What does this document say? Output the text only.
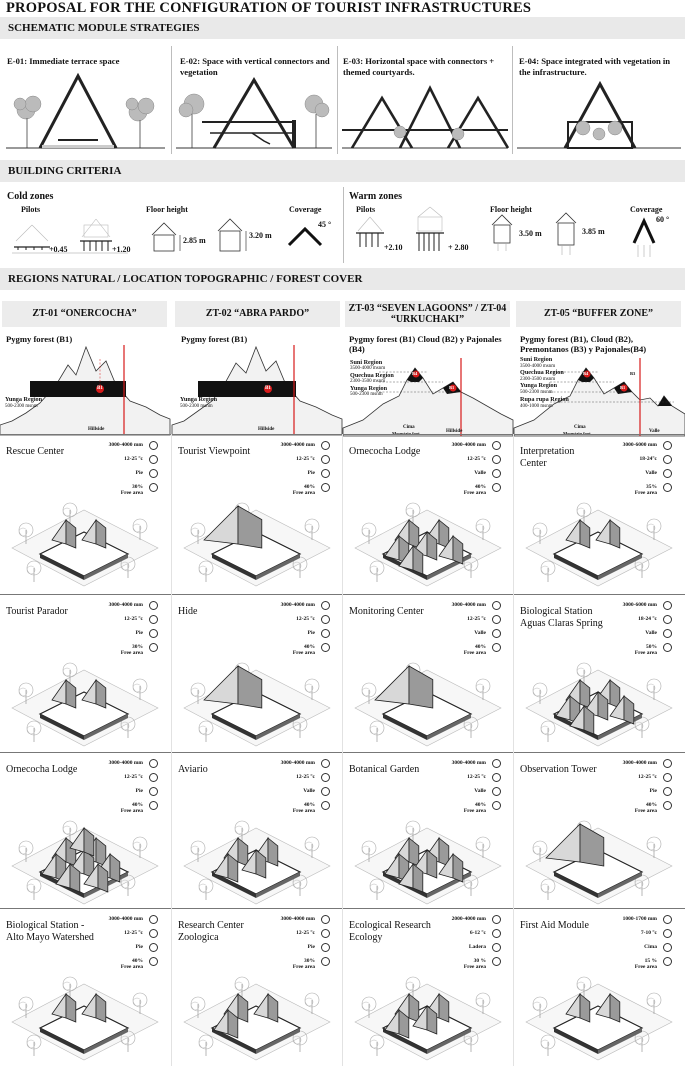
PROPOSAL FOR THE CONFIGURATION OF TOURIST INFRASTRUCTURES
SCHEMATIC MODULE STRATEGIES
BUILDING CRITERIA
REGIONS NATURAL / LOCATION TOPOGRAPHIC / FOREST COVER
E-01: Immediate terrace space	E-02: Space with vertical connectors and vegetation
E-03: Horizontal space with connectors + themed courtyards.
E-04: Space integrated with vegetation in the infrastructure.
Cold zones
Pilots	Floor height	Coverage
+0.45	+1.20
2.85 m
3.20 m
45 °
Warm zones
Pilots	Floor height	Coverage
+2.10	+ 2.80
3.50 m	3.85 m
60 °
ZT-01 “ONERCOCHA”	ZT-02 “ABRA PARDO”
ZT-03 “SEVEN LAGOONS” / ZT-04 “URKUCHAKI”
ZT-05 “BUFFER ZONE”
Pygmy forest (B1)	Pygmy forest (B1)	Pygmy forest (B1) Cloud (B2) y Pajonales (B4)
Pygmy forest (B1), Cloud (B2), Premontanos (B3) y Pajonales(B4)
Yunga Region
500-2300 msnm
Hillside
B1
Yunga Region
500-2300 msnm
Hillside
B1
Suni Region
3500-4000 msnm
Quechua Region
2300-3500 msnm
Yunga Region
500-2300 msnm
Cima
Hillside
B4
B1
Suni Region
3500-4000 msnm
Quechua Region
2300-3500 msnm
Yunga Region
500-2300 msnm
Rupa rupa Region
400-1000 msnm
Cima
Valle
B4
B1
B3
Rescue Center
3000-4000 mm
12-25 °c
Pie
30%
Free area
Tourist Viewpoint
3000-4000 mm
12-25 °c
Pie
40%
Free area
Ornecocha Lodge
3000-4000 mm
12-25 °c
Valle
40%
Free area
Interpretation
Center
3000-6000 mm
18-24°c
Valle
35%
Free area
Tourist Parador
3000-4000 mm
12-25 °c
Pie
30%
Free area
Hide
3000-4000 mm
12-25 °c
Pie
40%
Free area
Monitoring Center
3000-4000 mm
12-25 °c
Valle
40%
Free area
Biological Station
Aguas Claras Spring
3000-6000 mm
18-24 °c
Valle
50%
Free area
Ornecocha Lodge
3000-4000 mm
12-25 °c
Pie
40%
Free area
Aviario
3000-4000 mm
12-25 °c
Valle
40%
Free area
Botanical Garden
3000-4000 mm
12-25 °c
Valle
40%
Free area
Observation Tower
3000-4000 mm
12-25 °c
Pie
40%
Free area
Biological Station -
Alto Mayo Watershed
3000-4000 mm
12-25 °c
Pie
40%
Free area
Research Center
Zoologica
3000-4000 mm
12-25 °c
Pie
30%
Free area
Ecological Research
Ecology
2000-4000 mm
6-12 °c
Ladera
30 %
Free area
First Aid Module
1000-1700 mm
7-10 °c
Cima
15 %
Free area
